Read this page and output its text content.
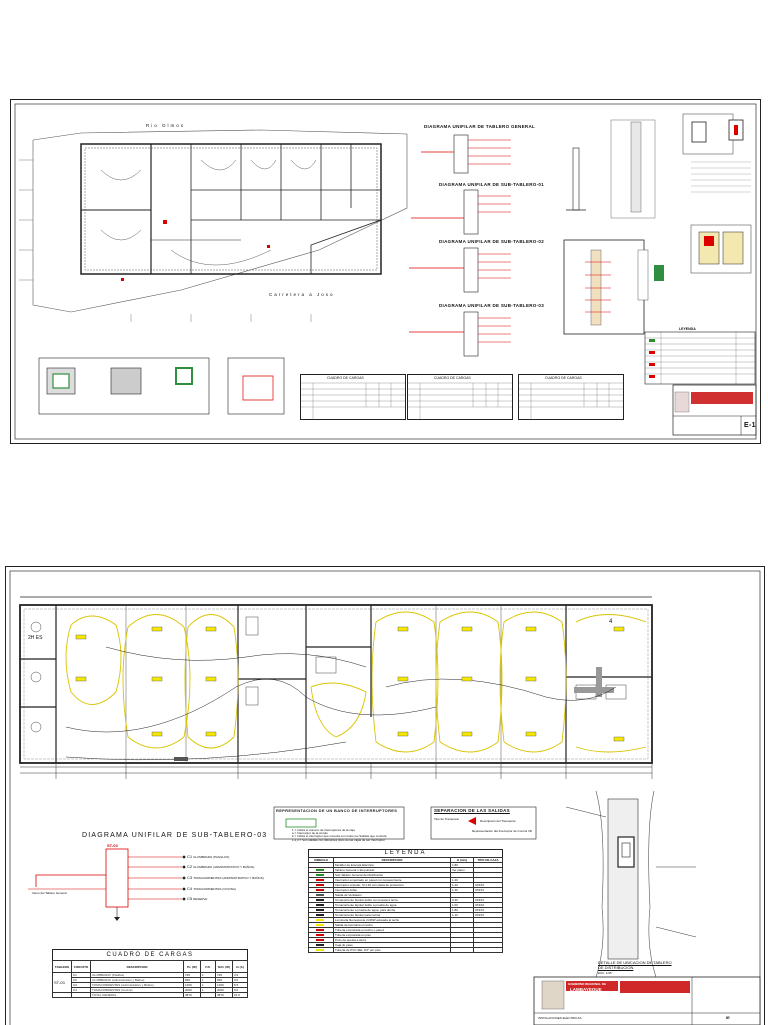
Rio Olmos
Carretera a Joso
DIAGRAMA UNIFILAR DE TABLERO GENERAL
DIAGRAMA UNIFILAR DE SUB-TABLERO-01
DIAGRAMA UNIFILAR DE SUB-TABLERO-02
DIAGRAMA UNIFILAR DE SUB-TABLERO-03
CUADRO DE CARGAS	CUADRO DE CARGAS	CUADRO DE CARGAS
LEYENDA
E-1
2H ES
4
REPRESENTACION DE UN BANCO DE INTERRUPTORES
1 = Indica el número de interruptores de la caja
a = Interruptor de la simple
b = Indica el interruptor que conecta con todos los Salidas que controla
1,2,3 = Son salidas con diferentes tipos de las cajas de ser interruptor
SEPARACION DE LAS SALIDAS
Tipo de Transporte	Descripción del Transporte
Representación del Interruptor de Control 3D
DIAGRAMA UNIFILAR DE SUB-TABLERO-03
ST-03
Viene del Tablero General
C1 ALUMBRADO (PASILLOS)
C2 ALUMBRADO (ADMINISTRATIVO Y BAÑOS)
C3 TOMACORRIENTES (ADMINISTRATIVO Y BAÑOS)
C4 TOMACORRIENTES (COCINA)
C5 RESERVA
LEYENDA
SIMBOLO	DESCRIPCION	H (mts)	TIPO DE CAJA
	Medidor de Energía Eléctrica	1.80	
	Tablero General o Empotrado	Ver plano	
	Sub Tablero General de Distribución		
	Interruptor empotrado en pared con tomacorriente	1.40	
	Interruptor unipolar, h=1.40 con placa de protección	1.40	3X3X2
	Interruptor doble	1.40	3X3X2
	Salida de Ventilador		
	Tomacorriente bipolar doble con puesta a tierra	0.40	3X3X2
	Tomacorriente bipolar doble a prueba de agua	1.00	3X3X2
	Tomacorriente a prueba de agua, para ducha	1.80	3X3X2
	Tomacorriente bipolar para cocina	1.10	3X3X2
	Luminaria fluorescente 2x36W adosada al techo		
	Salida de luminaria en techo		
	Tubería empotrada en techo o pared		
	Tubería empotrada en piso		
	Pozo de puesta a tierra		
	Caja de paso		
	Tubería de PVC-SEL 3/4" por piso		
CUADRO DE CARGAS
TABLERO	CIRCUITO	DESCRIPCION	P.I. (W)	F.D.	M.D. (W)	In (A)
ST-03	C1	ALUMBRADO (Pasillos)	720	1	720	3.5
	C2	ALUMBRADO (Administrativo y Baños)	650	1	650	3.0
	C3	TOMACORRIENTES (Administrativo y Baños)	1200	1	1200	5.5
	C4	TOMACORRIENTES (Cocina)	2000	1	2000	9.0
		TOTAL GENERAL	4570		4570	21.0
DETALLE DE UBICACION DE TABLERO DE DISTRIBUCION
ESC: 1/25
GOBIERNO REGIONAL DE
LAMBAYEQUE
INSTALACIONES ELECTRICAS	IE
